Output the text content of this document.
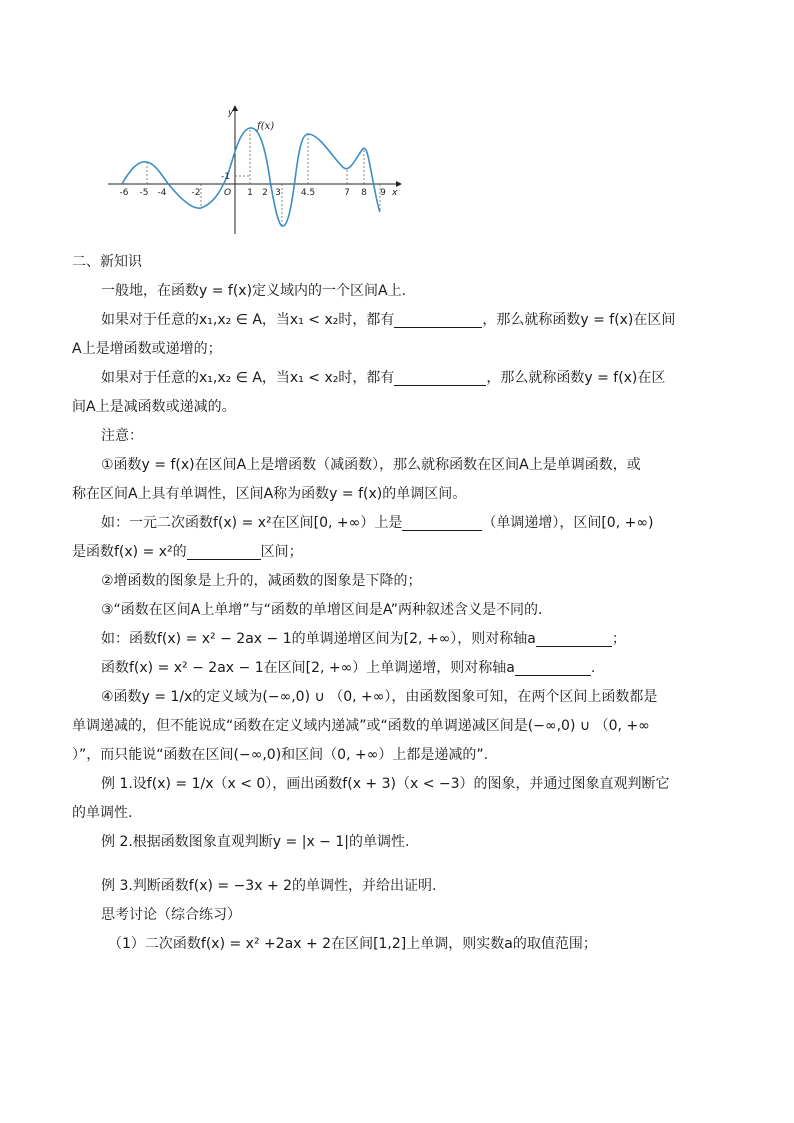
y
x
f(x)
O
-1
-6 -5 -4	-2	1 2 3 4.5	7 8 9
二、新知识
一般地，在函数y = f(x)定义域内的一个区间A上.
如果对于任意的x₁,x₂ ∈ A，当x₁ < x₂时，都有	，那么就称函数y = f(x)在区间
A上是增函数或递增的；
如果对于任意的x₁,x₂ ∈ A，当x₁ < x₂时，都有	，那么就称函数y = f(x)在区
间A上是减函数或递减的。
注意：
①函数y = f(x)在区间A上是增函数（减函数），那么就称函数在区间A上是单调函数，或
称在区间A上具有单调性，区间A称为函数y = f(x)的单调区间。
如：一元二次函数f(x) = x²在区间[0, +∞）上是	（单调递增），区间[0, +∞)
是函数f(x) = x²的	区间；
②增函数的图象是上升的，减函数的图象是下降的；
③“函数在区间A上单增”与“函数的单增区间是A”两种叙述含义是不同的.
如：函数f(x) = x² − 2ax − 1的单调递增区间为[2, +∞），则对称轴a	；
函数f(x) = x² − 2ax − 1在区间[2, +∞）上单调递增，则对称轴a	.
④函数y = 1/x的定义域为(−∞,0) ∪ （0, +∞），由函数图象可知，在两个区间上函数都是
单调递减的，但不能说成“函数在定义域内递减”或“函数的单调递减区间是(−∞,0) ∪ （0, +∞
）”，而只能说“函数在区间(−∞,0)和区间（0, +∞）上都是递减的”.
例 1.设f(x) = 1/x（x < 0），画出函数f(x + 3)（x < −3）的图象，并通过图象直观判断它
的单调性.
例 2.根据函数图象直观判断y = |x − 1|的单调性.
例 3.判断函数f(x) = −3x + 2的单调性，并给出证明.
思考讨论（综合练习）
（1）二次函数f(x) = x² +2ax + 2在区间[1,2]上单调，则实数a的取值范围；
